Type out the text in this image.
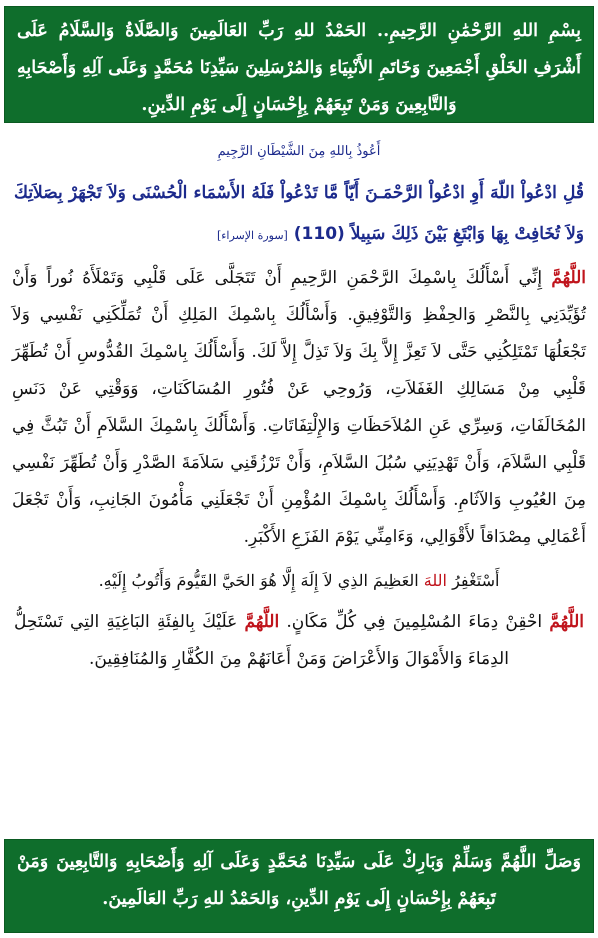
بِسْمِ اللهِ الرَّحْمَٰنِ الرَّحِيمِ.. الحَمْدُ للهِ رَبِّ العَالَمِينَ وَالصَّلَاةُ وَالسَّلَامُ عَلَى أَشْرَفِ الخَلْقِ أَجْمَعِينَ وَخَاتَمِ الأَنْبِيَاءِ وَالمُرْسَلِينَ سَيِّدِنَا مُحَمَّدٍ وَعَلَى آلِهِ وَأَصْحَابِهِ وَالتَّابِعِينَ وَمَنْ تَبِعَهُمْ بِإِحْسَانٍ إِلَى يَوْمِ الدِّينِ.
أَعُوذُ بِاللهِ مِنَ الشَّيْطَانِ الرَّجِيمِ
قُلِ ادْعُواْ اللّهَ أَوِ ادْعُواْ الرَّحْمَـنَ أَيّاً مَّا تَدْعُواْ فَلَهُ الأَسْمَاء الْحُسْنَى وَلاَ تَجْهَرْ بِصَلاَتِكَ وَلاَ تُخَافِتْ بِهَا وَابْتَغِ بَيْنَ ذَلِكَ سَبِيلاً (110) [سورة الإسراء]
اللَّهُمَّ إِنِّي أَسْأَلُكَ بِاسْمِكَ الرَّحْمَنِ الرَّحِيمِ أَنْ تَتَجَلَّى عَلَى قَلْبِي وَتَمْلَأَهُ نُوراً وَأَنْ تُؤَيِّدَنِي بِالنَّصْرِ وَالحِفْظِ وَالتَّوْفِيقِ. وَأَسْأَلُكَ بِاسْمِكَ المَلِكِ أَنْ تُمَلِّكَنِي نَفْسِي وَلاَ تَجْعَلُهَا تَمْتَلِكُنِي حَتَّى لاَ تَعِزَّ إِلاَّ بِكَ وَلاَ تَذِلَّ إِلاَّ لَكَ. وَأَسْأَلُكَ بِاسْمِكَ القُدُّوسِ أَنْ تُطَهِّرَ قَلْبِي مِنْ مَسَالِكِ الغَفَلاَتِ، وَرُوحِي عَنْ فُتُورِ المُسَاكَنَاتِ، وَوَقْتِي عَنْ دَنَسِ المُخَالَفَاتِ، وَسِرِّي عَنِ المُلاَحَظَاتِ وَالإِلْتِفَاتَاتِ. وَأَسْأَلُكَ بِاسْمِكَ السَّلاَمِ أَنْ تَبُثَّ فِي قَلْبِي السَّلاَمَ، وَأَنْ تَهْدِيَنِي سُبُلَ السَّلاَمِ، وَأَنْ تَرْزُقَنِي سَلاَمَةَ الصَّدْرِ وَأَنْ تُطَهِّرَ نَفْسِي مِنَ العُيُوبِ وَالآثَامِ. وَأَسْأَلُكَ بِاسْمِكَ المُؤْمِنِ أَنْ تَجْعَلَنِي مَأْمُونَ الجَانِبِ، وَأَنْ تَجْعَلَ أَعْمَالِي مِصْدَاقاً لأَقْوَالِي، وَءَامِنِّي يَوْمَ الفَزَعِ الأَكْبَرِ.
أَسْتَغْفِرُ اللهَ العَظِيمَ الذِي لاَ إِلَهَ إِلَّا هُوَ الحَيَّ القَيُّومَ وَأَتُوبُ إِلَيْهِ.
اللَّهُمَّ احْقِنْ دِمَاءَ المُسْلِمِينَ فِي كُلِّ مَكَانٍ. اللَّهُمَّ عَلَيْكَ بِالفِئَةِ البَاغِيَةِ التِي تَسْتَحِلُّ الدِمَاءَ وَالأَمْوَالَ وَالأَعْرَاضَ وَمَنْ أَعَانَهُمْ مِنَ الكُفَّارِ وَالمُنَافِقِينَ.
وَصَلِّ اللَّهُمَّ وَسَلِّمْ وَبَارِكْ عَلَى سَيِّدِنَا مُحَمَّدٍ وَعَلَى آلِهِ وَأَصْحَابِهِ وَالتَّابِعِينَ وَمَنْ تَبِعَهُمْ بِإِحْسَانٍ إِلَى يَوْمِ الدِّينِ، وَالحَمْدُ للهِ رَبِّ العَالَمِينَ.
